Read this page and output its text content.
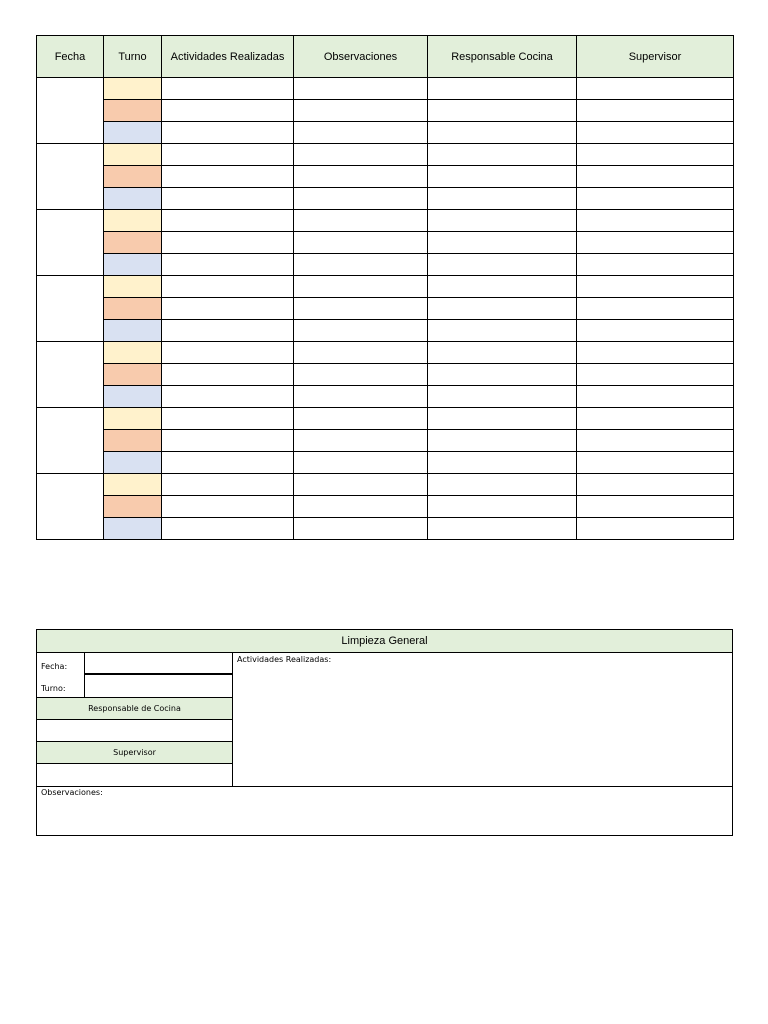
Fecha	Turno	Actividades Realizadas	Observaciones	Responsable Cocina	Supervisor

Limpieza General
Fecha:
Turno:
Actividades Realizadas:
Responsable de Cocina
Supervisor
Observaciones:
